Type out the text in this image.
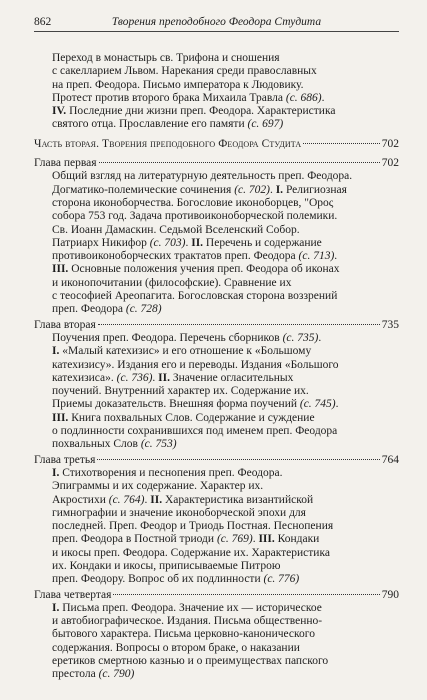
862	Творения преподобного Феодора Студита

Переход в монастырь св. Трифона и сношения

с сакелларием Львом. Нарекания среди православных

на преп. Феодора. Письмо императора к Людовику.

Протест против второго брака Михаила Травла (с. 686).

IV. Последние дни жизни преп. Феодора. Характеристика

святого отца. Прославление его памяти (с. 697)

Часть вторая. Творения преподобного Феодора Студита	702
Глава первая	702

Общий взгляд на литературную деятельность преп. Феодора.

Догматико-полемические сочинения (с. 702). I. Религиозная

сторона иконоборчества. Богословие иконоборцев, "Ороς

собора 753 год. Задача противоиконоборческой полемики.

Св. Иоанн Дамаскин. Седьмой Вселенский Собор.

Патриарх Никифор (с. 703). II. Перечень и содержание

противоиконоборческих трактатов преп. Феодора (с. 713).

III. Основные положения учения преп. Феодора об иконах

и иконопочитании (философские). Сравнение их

с теософией Ареопагита. Богословская сторона воззрений

преп. Феодора (с. 728)

Глава вторая	735

Поучения преп. Феодора. Перечень сборников (с. 735).

I. «Малый катехизис» и его отношение к «Большому

катехизису». Издания его и переводы. Издания «Большого

катехизиса». (с. 736). II. Значение огласительных

поучений. Внутренний характер их. Содержание их.

Приемы доказательств. Внешняя форма поучений (с. 745).

III. Книга похвальных Слов. Содержание и суждение

о подлинности сохранившихся под именем преп. Феодора

похвальных Слов (с. 753)

Глава третья	764

I. Стихотворения и песнопения преп. Феодора.

Эпиграммы и их содержание. Характер их.

Акростихи (с. 764). II. Характеристика византийской

гимнографии и значение иконоборческой эпохи для

последней. Преп. Феодор и Триодь Постная. Песнопения

преп. Феодора в Постной триоди (с. 769). III. Кондаки

и икосы преп. Феодора. Содержание их. Характеристика

их. Кондаки и икосы, приписываемые Питрою

преп. Феодору. Вопрос об их подлинности (с. 776)

Глава четвертая	790

I. Письма преп. Феодора. Значение их — историческое

и автобиографическое. Издания. Письма общественно-

бытового характера. Письма церковно-канонического

содержания. Вопросы о втором браке, о наказании

еретиков смертною казнью и о преимуществах папского

престола (с. 790)
